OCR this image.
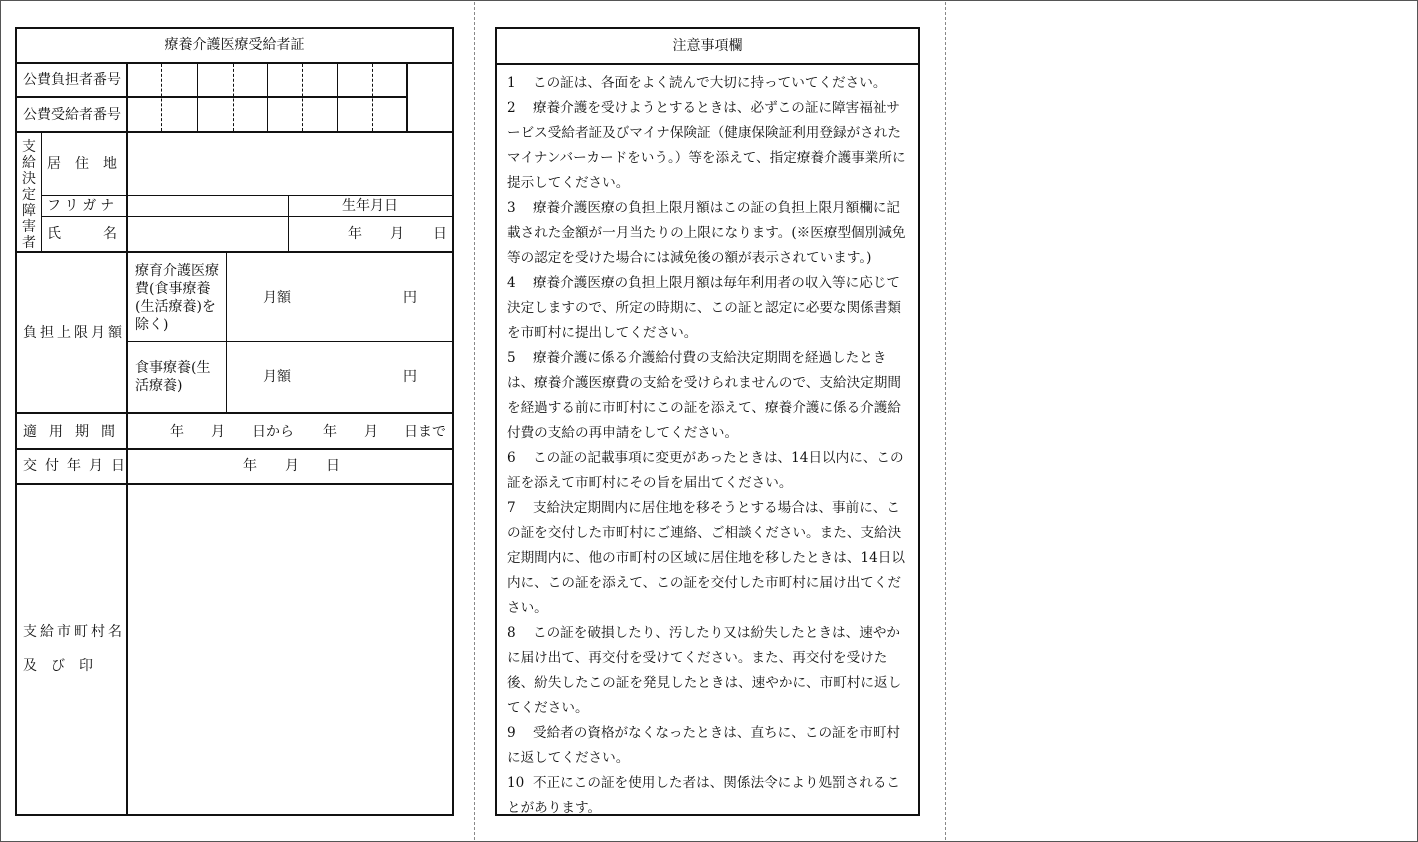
療養介護医療受給者証
公費負担者番号
公費受給者番号
支
給
決
定
障
害
者
居　住　地
フリガナ	生年月日
氏　　　名	年 月 日
負担上限月額
療育介護医療
費(食事療養
(生活療養)を
除く)
月額	円
食事療養(生
活療養)
月額	円
適用期間	年 月 日から 年 月 日まで
交付年月日	年 月 日
支給市町村名
及　び　印
注意事項欄
1 この証は、各面をよく読んで大切に持っていてください。
2 療養介護を受けようとするときは、必ずこの証に障害福祉サービス受給者証及びマイナ保険証（健康保険証利用登録がされたマイナンバーカードをいう。）等を添えて、指定療養介護事業所に提示してください。
3 療養介護医療の負担上限月額はこの証の負担上限月額欄に記載された金額が一月当たりの上限になります。(※医療型個別減免等の認定を受けた場合には減免後の額が表示されています。)
4 療養介護医療の負担上限月額は毎年利用者の収入等に応じて決定しますので、所定の時期に、この証と認定に必要な関係書類を市町村に提出してください。
5 療養介護に係る介護給付費の支給決定期間を経過したときは、療養介護医療費の支給を受けられませんので、支給決定期間を経過する前に市町村にこの証を添えて、療養介護に係る介護給付費の支給の再申請をしてください。
6 この証の記載事項に変更があったときは、14日以内に、この証を添えて市町村にその旨を届出てください。
7 支給決定期間内に居住地を移そうとする場合は、事前に、この証を交付した市町村にご連絡、ご相談ください。また、支給決定期間内に、他の市町村の区域に居住地を移したときは、14日以内に、この証を添えて、この証を交付した市町村に届け出てください。
8 この証を破損したり、汚したり又は紛失したときは、速やかに届け出て、再交付を受けてください。また、再交付を受けた後、紛失したこの証を発見したときは、速やかに、市町村に返してください。
9 受給者の資格がなくなったときは、直ちに、この証を市町村に返してください。
10 不正にこの証を使用した者は、関係法令により処罰されることがあります。
